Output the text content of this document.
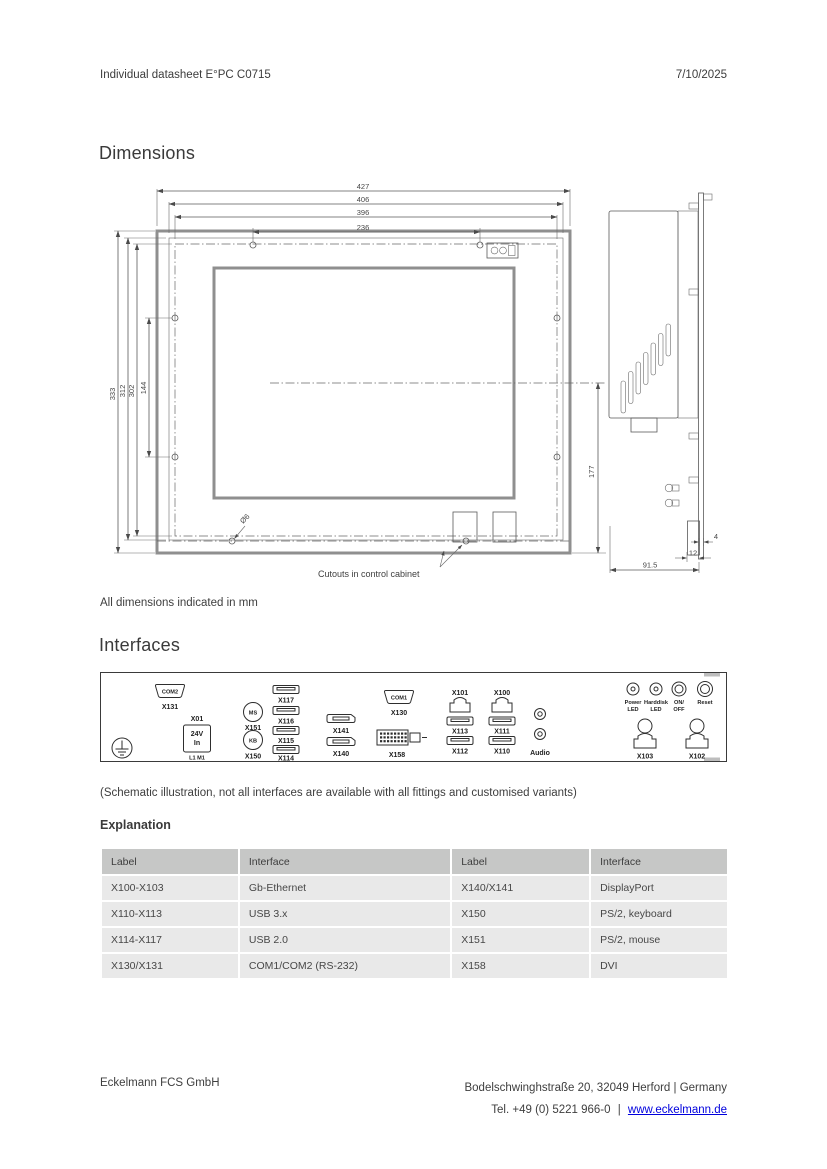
Individual datasheet E°PC C0715	7/10/2025
Dimensions
427
406
396
236
333 312 302 144
Ø6
Cutouts in control cabinet
177
91.5
12
4
All dimensions indicated in mm
Interfaces
COM2
X131
X01
24V
In
L1 M1
MS
X151
KB
X150
X117
X116
X115
X114
X141
X140
COM1
X130
X158
X101
X113
X112
X100
X111
X110	Audio
Power
LED
Harddisk
LED
ON/
OFF
Reset
X103	X102
(Schematic illustration, not all interfaces are available with all fittings and customised variants)
Explanation
Label	Interface	Label	Interface
X100-X103	Gb-Ethernet	X140/X141	DisplayPort
X110-X113	USB 3.x	X150	PS/2, keyboard
X114-X117	USB 2.0	X151	PS/2, mouse
X130/X131	COM1/COM2 (RS-232)	X158	DVI
Eckelmann FCS GmbH	Bodelschwinghstraße 20, 32049 Herford | Germany
Tel. +49 (0) 5221 966-0 | www.eckelmann.de
